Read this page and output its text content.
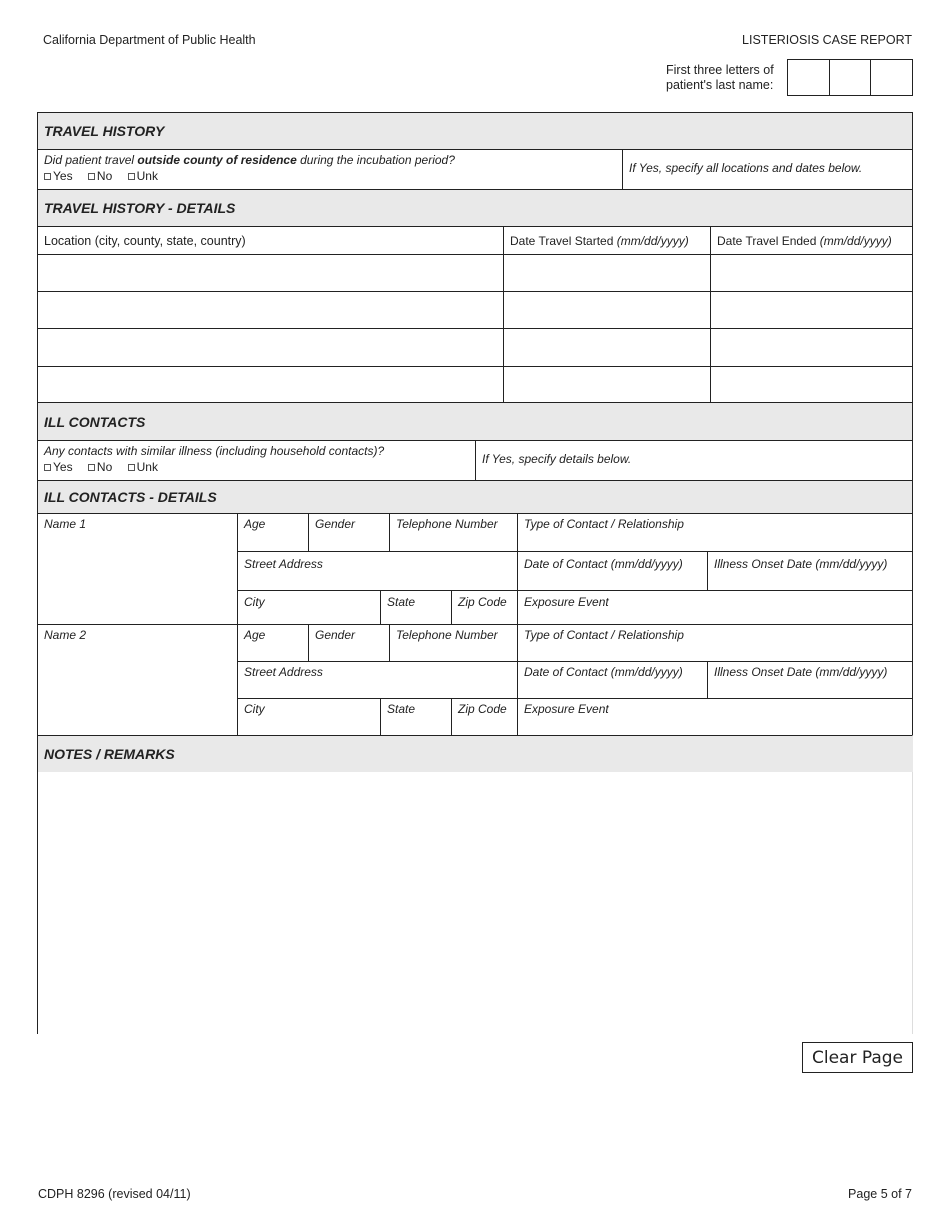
California Department of Public Health	LISTERIOSIS CASE REPORT
First three letters of
patient's last name:
TRAVEL HISTORY
Did patient travel outside county of residence during the incubation period?
Yes No Unk
If Yes, specify all locations and dates below.
TRAVEL HISTORY - DETAILS
Location (city, county, state, country)	Date Travel Started (mm/dd/yyyy)	Date Travel Ended (mm/dd/yyyy)
ILL CONTACTS
Any contacts with similar illness (including household contacts)?
Yes No Unk
If Yes, specify details below.
ILL CONTACTS - DETAILS
Name 1	Age	Gender	Telephone Number	Type of Contact / Relationship
Street Address	Date of Contact (mm/dd/yyyy)	Illness Onset Date (mm/dd/yyyy)
City	State	Zip Code	Exposure Event
Name 2	Age	Gender	Telephone Number	Type of Contact / Relationship
Street Address	Date of Contact (mm/dd/yyyy)	Illness Onset Date (mm/dd/yyyy)
City	State	Zip Code	Exposure Event
NOTES / REMARKS
Clear Page
CDPH 8296 (revised 04/11)	Page 5 of 7
